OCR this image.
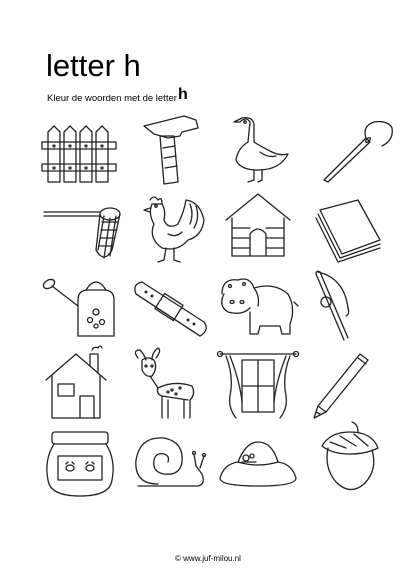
letter h
Kleur de woorden met de letter h
© www.juf-milou.nl
